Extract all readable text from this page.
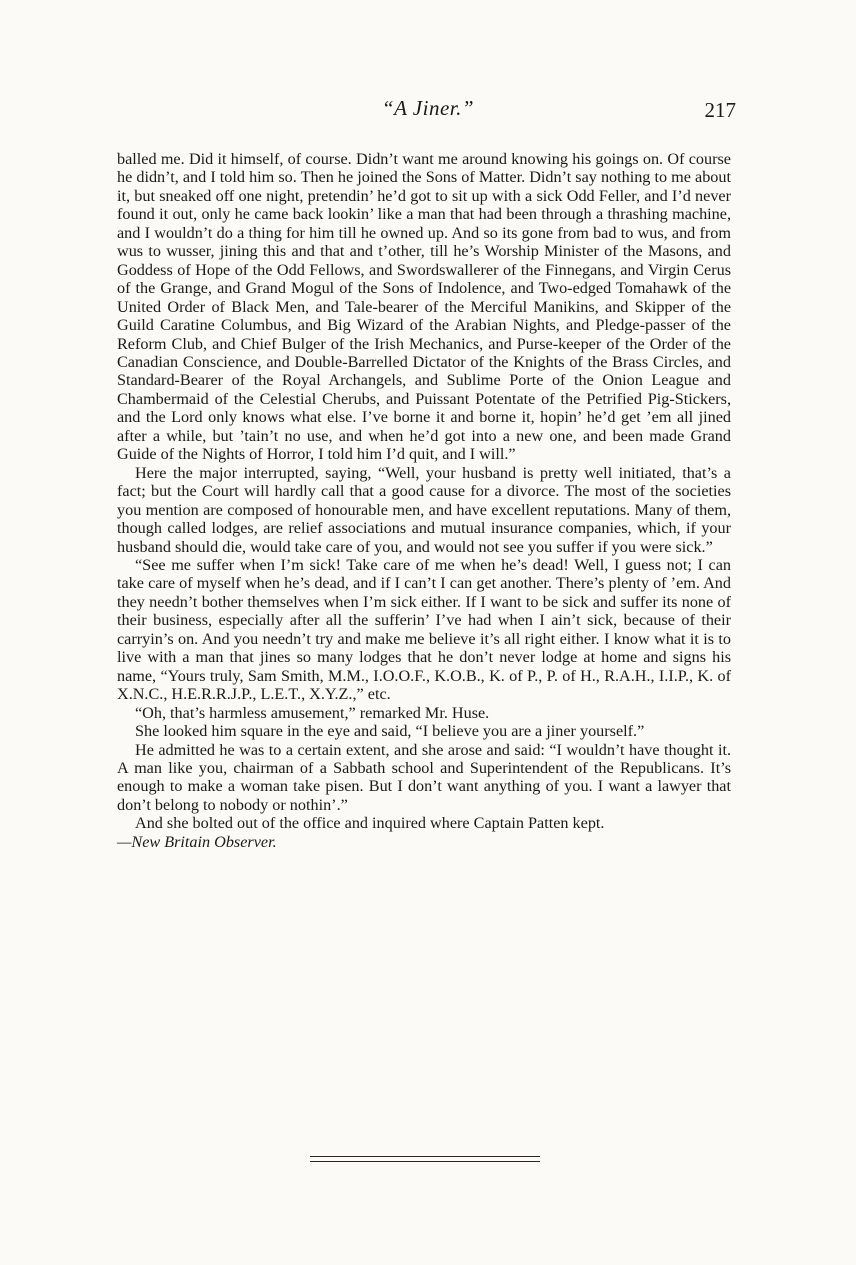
“A Jiner.”	217

balled me. Did it himself, of course. Didn’t want me around knowing his goings on. Of course he didn’t, and I told him so. Then he joined the Sons of Matter. Didn’t say nothing to me about it, but sneaked off one night, pretendin’ he’d got to sit up with a sick Odd Feller, and I’d never found it out, only he came back lookin’ like a man that had been through a thrashing machine, and I wouldn’t do a thing for him till he owned up. And so its gone from bad to wus, and from wus to wusser, jining this and that and t’other, till he’s Worship Minister of the Masons, and Goddess of Hope of the Odd Fellows, and Swordswallerer of the Finnegans, and Virgin Cerus of the Grange, and Grand Mogul of the Sons of Indolence, and Two-edged Tomahawk of the United Order of Black Men, and Tale-bearer of the Merciful Manikins, and Skipper of the Guild Caratine Columbus, and Big Wizard of the Arabian Nights, and Pledge-passer of the Reform Club, and Chief Bulger of the Irish Mechanics, and Purse-keeper of the Order of the Canadian Conscience, and Double-Barrelled Dictator of the Knights of the Brass Circles, and Standard-Bearer of the Royal Archangels, and Sublime Porte of the Onion League and Chambermaid of the Celestial Cherubs, and Puissant Potentate of the Petrified Pig-Stickers, and the Lord only knows what else. I’ve borne it and borne it, hopin’ he’d get ’em all jined after a while, but ’tain’t no use, and when he’d got into a new one, and been made Grand Guide of the Nights of Horror, I told him I’d quit, and I will.”

Here the major interrupted, saying, “Well, your husband is pretty well initiated, that’s a fact; but the Court will hardly call that a good cause for a divorce. The most of the societies you mention are composed of honourable men, and have excellent reputations. Many of them, though called lodges, are relief associations and mutual insurance companies, which, if your husband should die, would take care of you, and would not see you suffer if you were sick.”

“See me suffer when I’m sick! Take care of me when he’s dead! Well, I guess not; I can take care of myself when he’s dead, and if I can’t I can get another. There’s plenty of ’em. And they needn’t bother themselves when I’m sick either. If I want to be sick and suffer its none of their business, especially after all the sufferin’ I’ve had when I ain’t sick, because of their carryin’s on. And you needn’t try and make me believe it’s all right either. I know what it is to live with a man that jines so many lodges that he don’t never lodge at home and signs his name, “Yours truly, Sam Smith, M.M., I.O.O.F., K.O.B., K. of P., P. of H., R.A.H., I.I.P., K. of X.N.C., H.E.R.R.J.P., L.E.T., X.Y.Z.,” etc.

“Oh, that’s harmless amusement,” remarked Mr. Huse.

She looked him square in the eye and said, “I believe you are a jiner yourself.”

He admitted he was to a certain extent, and she arose and said: “I wouldn’t have thought it. A man like you, chairman of a Sabbath school and Superintendent of the Republicans. It’s enough to make a woman take pisen. But I don’t want anything of you. I want a lawyer that don’t belong to nobody or nothin’.”

And she bolted out of the office and inquired where Captain Patten kept.

—New Britain Observer.
